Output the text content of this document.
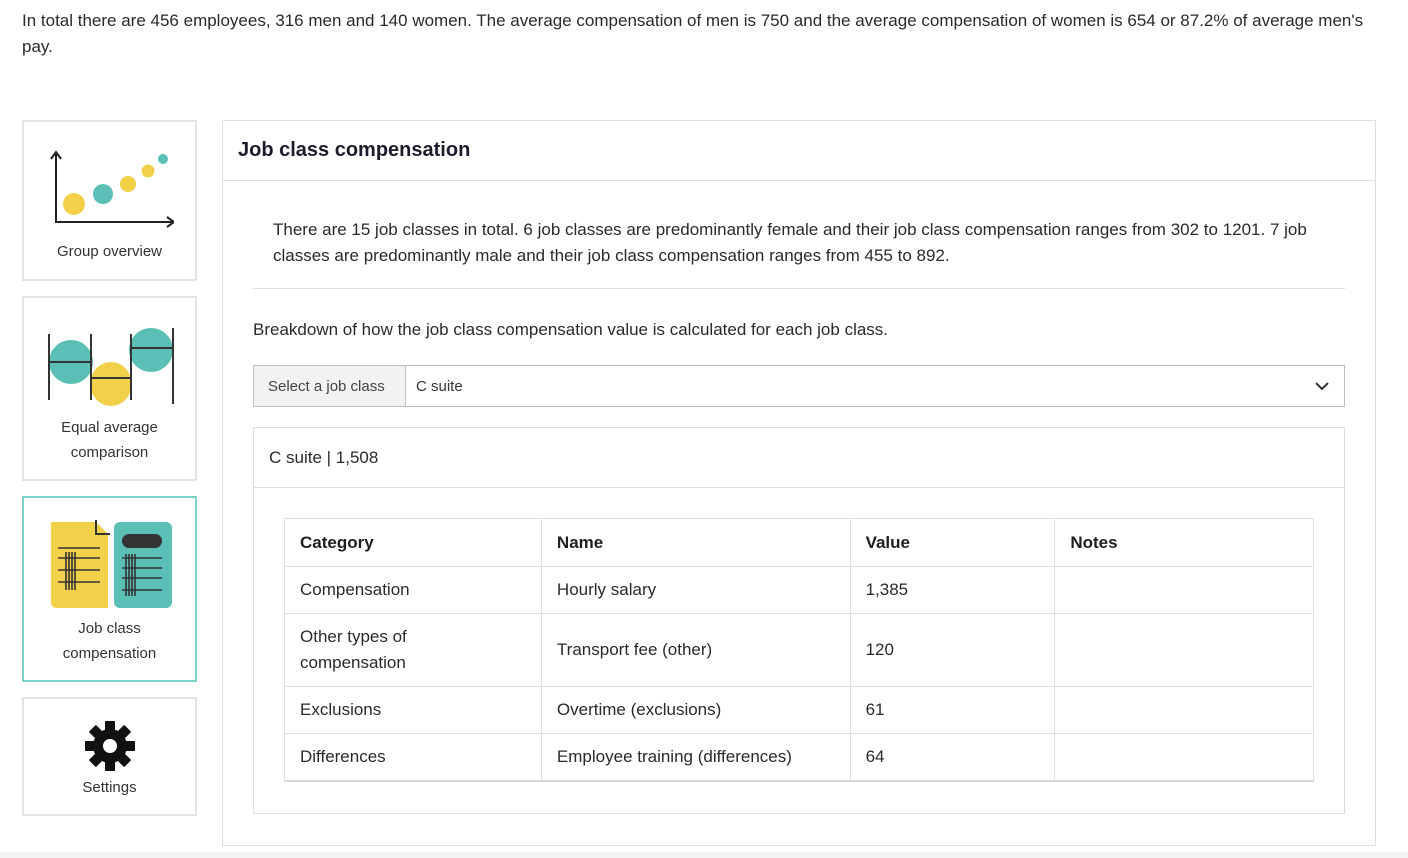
In total there are 456 employees, 316 men and 140 women. The average compensation of men is 750 and the average compensation of women is 654 or 87.2% of average men's pay.
Group overview
Equal average
comparison
Job class
compensation
Settings
Job class compensation
There are 15 job classes in total. 6 job classes are predominantly female and their job class compensation ranges from 302 to 1201. 7 job classes are predominantly male and their job class compensation ranges from 455 to 892.
Breakdown of how the job class compensation value is calculated for each job class.
Select a job class	C suite
C suite | 1,508
Category	Name	Value	Notes
Compensation	Hourly salary	1,385	
Other types of compensation	Transport fee (other)	120	
Exclusions	Overtime (exclusions)	61	
Differences	Employee training (differences)	64	
